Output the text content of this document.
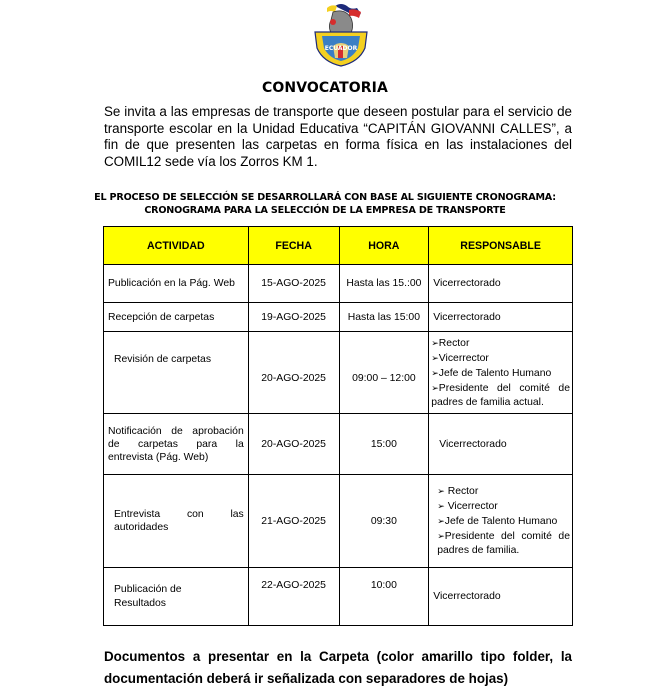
ECUADOR
CONVOCATORIA
Se invita a las empresas de transporte que deseen postular para el servicio de transporte escolar en la Unidad Educativa “CAPITÁN GIOVANNI CALLES”, a fin de que presenten las carpetas en forma física en las instalaciones del COMIL12 sede vía los Zorros KM 1.
EL PROCESO DE SELECCIÓN SE DESARROLLARÁ CON BASE AL SIGUIENTE CRONOGRAMA:
CRONOGRAMA PARA LA SELECCIÓN DE LA EMPRESA DE TRANSPORTE
ACTIVIDAD	FECHA	HORA	RESPONSABLE
Publicación en la Pág. Web	15-AGO-2025	Hasta las 15.:00	Vicerrectorado
Recepción de carpetas	19-AGO-2025	Hasta las 15:00	Vicerrectorado
Revisión de carpetas	20-AGO-2025	09:00 – 12:00	
➢Rector
➢Vicerrector
➢Jefe de Talento Humano
➢Presidente del comité de padres de familia actual.

Notificación de aprobación de carpetas para la entrevista (Pág. Web)	20-AGO-2025	15:00	Vicerrectorado
Entrevista con las autoridades	21-AGO-2025	09:30	
➢ Rector
➢ Vicerrector
➢Jefe de Talento Humano
➢Presidente del comité de padres de familia.

Publicación de Resultados	22-AGO-2025	10:00	Vicerrectorado
Documentos a presentar en la Carpeta (color amarillo tipo folder, la documentación deberá ir señalizada con separadores de hojas)
